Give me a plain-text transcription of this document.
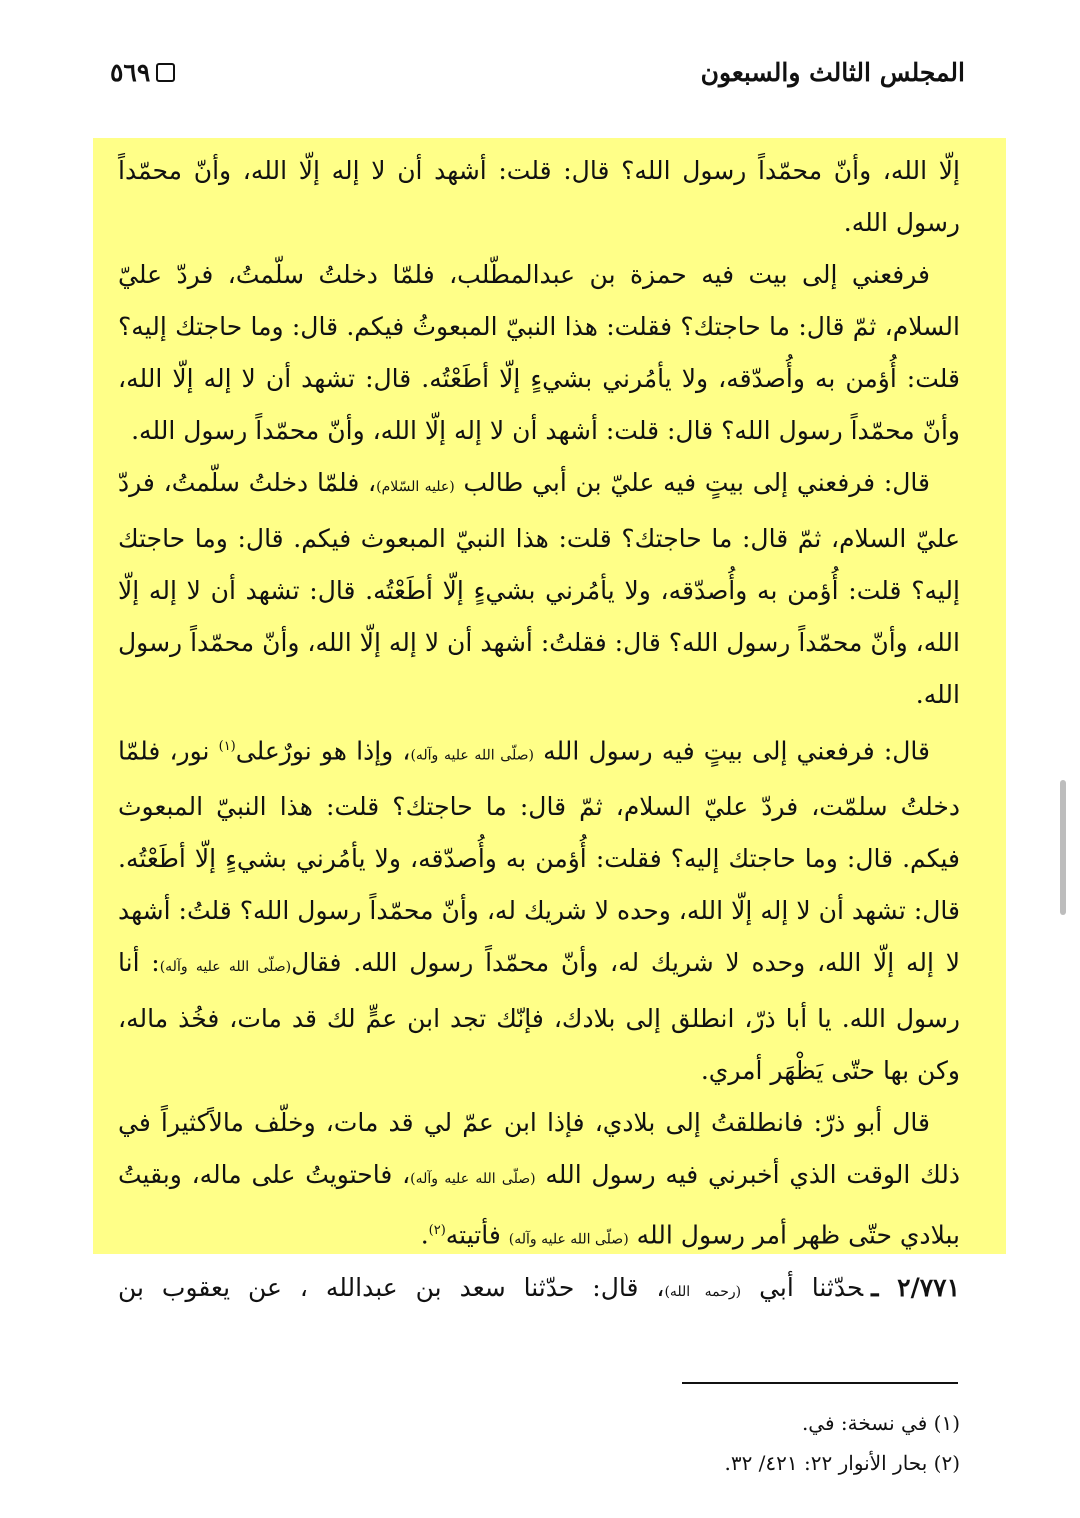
٥٦٩	المجلس الثالث والسبعون

إلّا الله، وأنّ محمّداً رسول الله؟ قال: قلت: أشهد أن لا إله إلّا الله، وأنّ محمّداً رسول الله.

فرفعني إلى بيت فيه حمزة بن عبدالمطّلب، فلمّا دخلتُ سلّمتُ، فردّ عليّ السلام، ثمّ قال: ما حاجتك؟ فقلت: هذا النبيّ المبعوثُ فيكم. قال: وما حاجتك إليه؟ قلت: أُؤمن به وأُصدّقه، ولا يأمُرني بشيءٍ إلّا أطَعْتُه. قال: تشهد أن لا إله إلّا الله، وأنّ محمّداً رسول الله؟ قال: قلت: أشهد أن لا إله إلّا الله، وأنّ محمّداً رسول الله.

قال: فرفعني إلى بيتٍ فيه عليّ بن أبي طالب (عليه السّلام)، فلمّا دخلتُ سلّمتُ، فردّ عليّ السلام، ثمّ قال: ما حاجتك؟ قلت: هذا النبيّ المبعوث فيكم. قال: وما حاجتك إليه؟ قلت: أُؤمن به وأُصدّقه، ولا يأمُرني بشيءٍ إلّا أطَعْتُه. قال: تشهد أن لا إله إلّا الله، وأنّ محمّداً رسول الله؟ قال: فقلتُ: أشهد أن لا إله إلّا الله، وأنّ محمّداً رسول الله.

قال: فرفعني إلى بيتٍ فيه رسول الله (صلّى الله عليه وآله)، وإذا هو نورٌعلى$^{(١)}$ نور، فلمّا دخلتُ سلمّت، فردّ عليّ السلام، ثمّ قال: ما حاجتك؟ قلت: هذا النبيّ المبعوث فيكم. قال: وما حاجتك إليه؟ فقلت: أُؤمن به وأُصدّقه، ولا يأمُرني بشيءٍ إلّا أطَعْتُه. قال: تشهد أن لا إله إلّا الله، وحده لا شريك له، وأنّ محمّداً رسول الله؟ قلتُ: أشهد لا إله إلّا الله، وحده لا شريك له، وأنّ محمّداً رسول الله. فقال(صلّى الله عليه وآله): أنا رسول الله. يا أبا ذرّ، انطلق إلى بلادك، فإنّك تجد ابن عمٍّ لك قد مات، فخُذ ماله، وكن بها حتّى يَظْهَر أمري.

قال أبو ذرّ: فانطلقتُ إلى بلادي، فإذا ابن عمّ لي قد مات، وخلّف مالاًكثيراً في ذلك الوقت الذي أخبرني فيه رسول الله (صلّى الله عليه وآله)، فاحتويتُ على ماله، وبقيتُ ببلادي حتّى ظهر أمر رسول الله (صلّى الله عليه وآله) فأتيته$^{(٢)}$.

٢/٧٧١ ـحدّثنا أبي (رحمه الله)، قال: حدّثنا سعد بن عبدالله ، عن يعقوب بن
(١) في نسخة: في.
(٢) بحار الأنوار ٢٢: ٤٢١/ ٣٢.
